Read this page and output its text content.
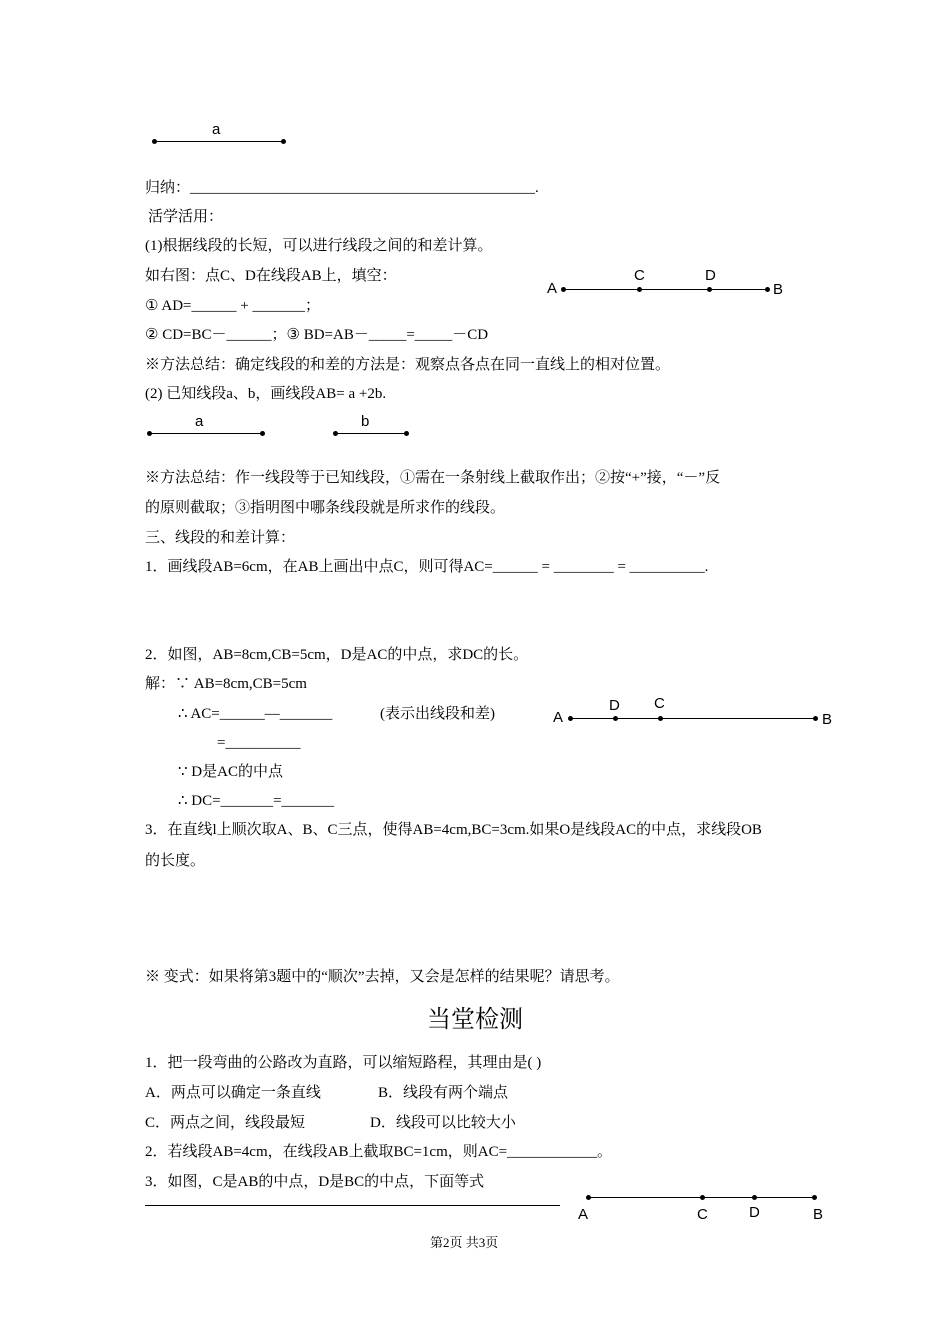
a
归纳：______________________________________________.
活学活用：
(1)根据线段的长短，可以进行线段之间的和差计算。
如右图：点C、D在线段AB上，填空：
① AD=______ + _______；
② CD=BC－______；③ BD=AB－_____=_____－CD
A
C	D
B
※方法总结：确定线段的和差的方法是：观察点各点在同一直线上的相对位置。
(2) 已知线段a、b，画线段AB= a +2b.
a	b
※方法总结：作一线段等于已知线段，①需在一条射线上截取作出；②按“+”接，“－”反
的原则截取；③指明图中哪条线段就是所求作的线段。
三、线段的和差计算：
1．画线段AB=6cm，在AB上画出中点C，则可得AC=______ = ________ = __________.
2．如图，AB=8cm,CB=5cm，D是AC的中点，求DC的长。
解：∵ AB=8cm,CB=5cm
∴ AC=______—_______	(表示出线段和差)
=__________
∵ D是AC的中点
∴ DC=_______=_______
A
D C
B
3．在直线l上顺次取A、B、C三点，使得AB=4cm,BC=3cm.如果O是线段AC的中点，求线段OB
的长度。
※ 变式：如果将第3题中的“顺次”去掉，又会是怎样的结果呢？请思考。
当堂检测
1．把一段弯曲的公路改为直路，可以缩短路程，其理由是( )
A．两点可以确定一条直线	B．线段有两个端点
C．两点之间，线段最短	D．线段可以比较大小
2．若线段AB=4cm，在线段AB上截取BC=1cm，则AC=____________。
3．如图，C是AB的中点，D是BC的中点，下面等式
A	C	D	B
第2页 共3页
